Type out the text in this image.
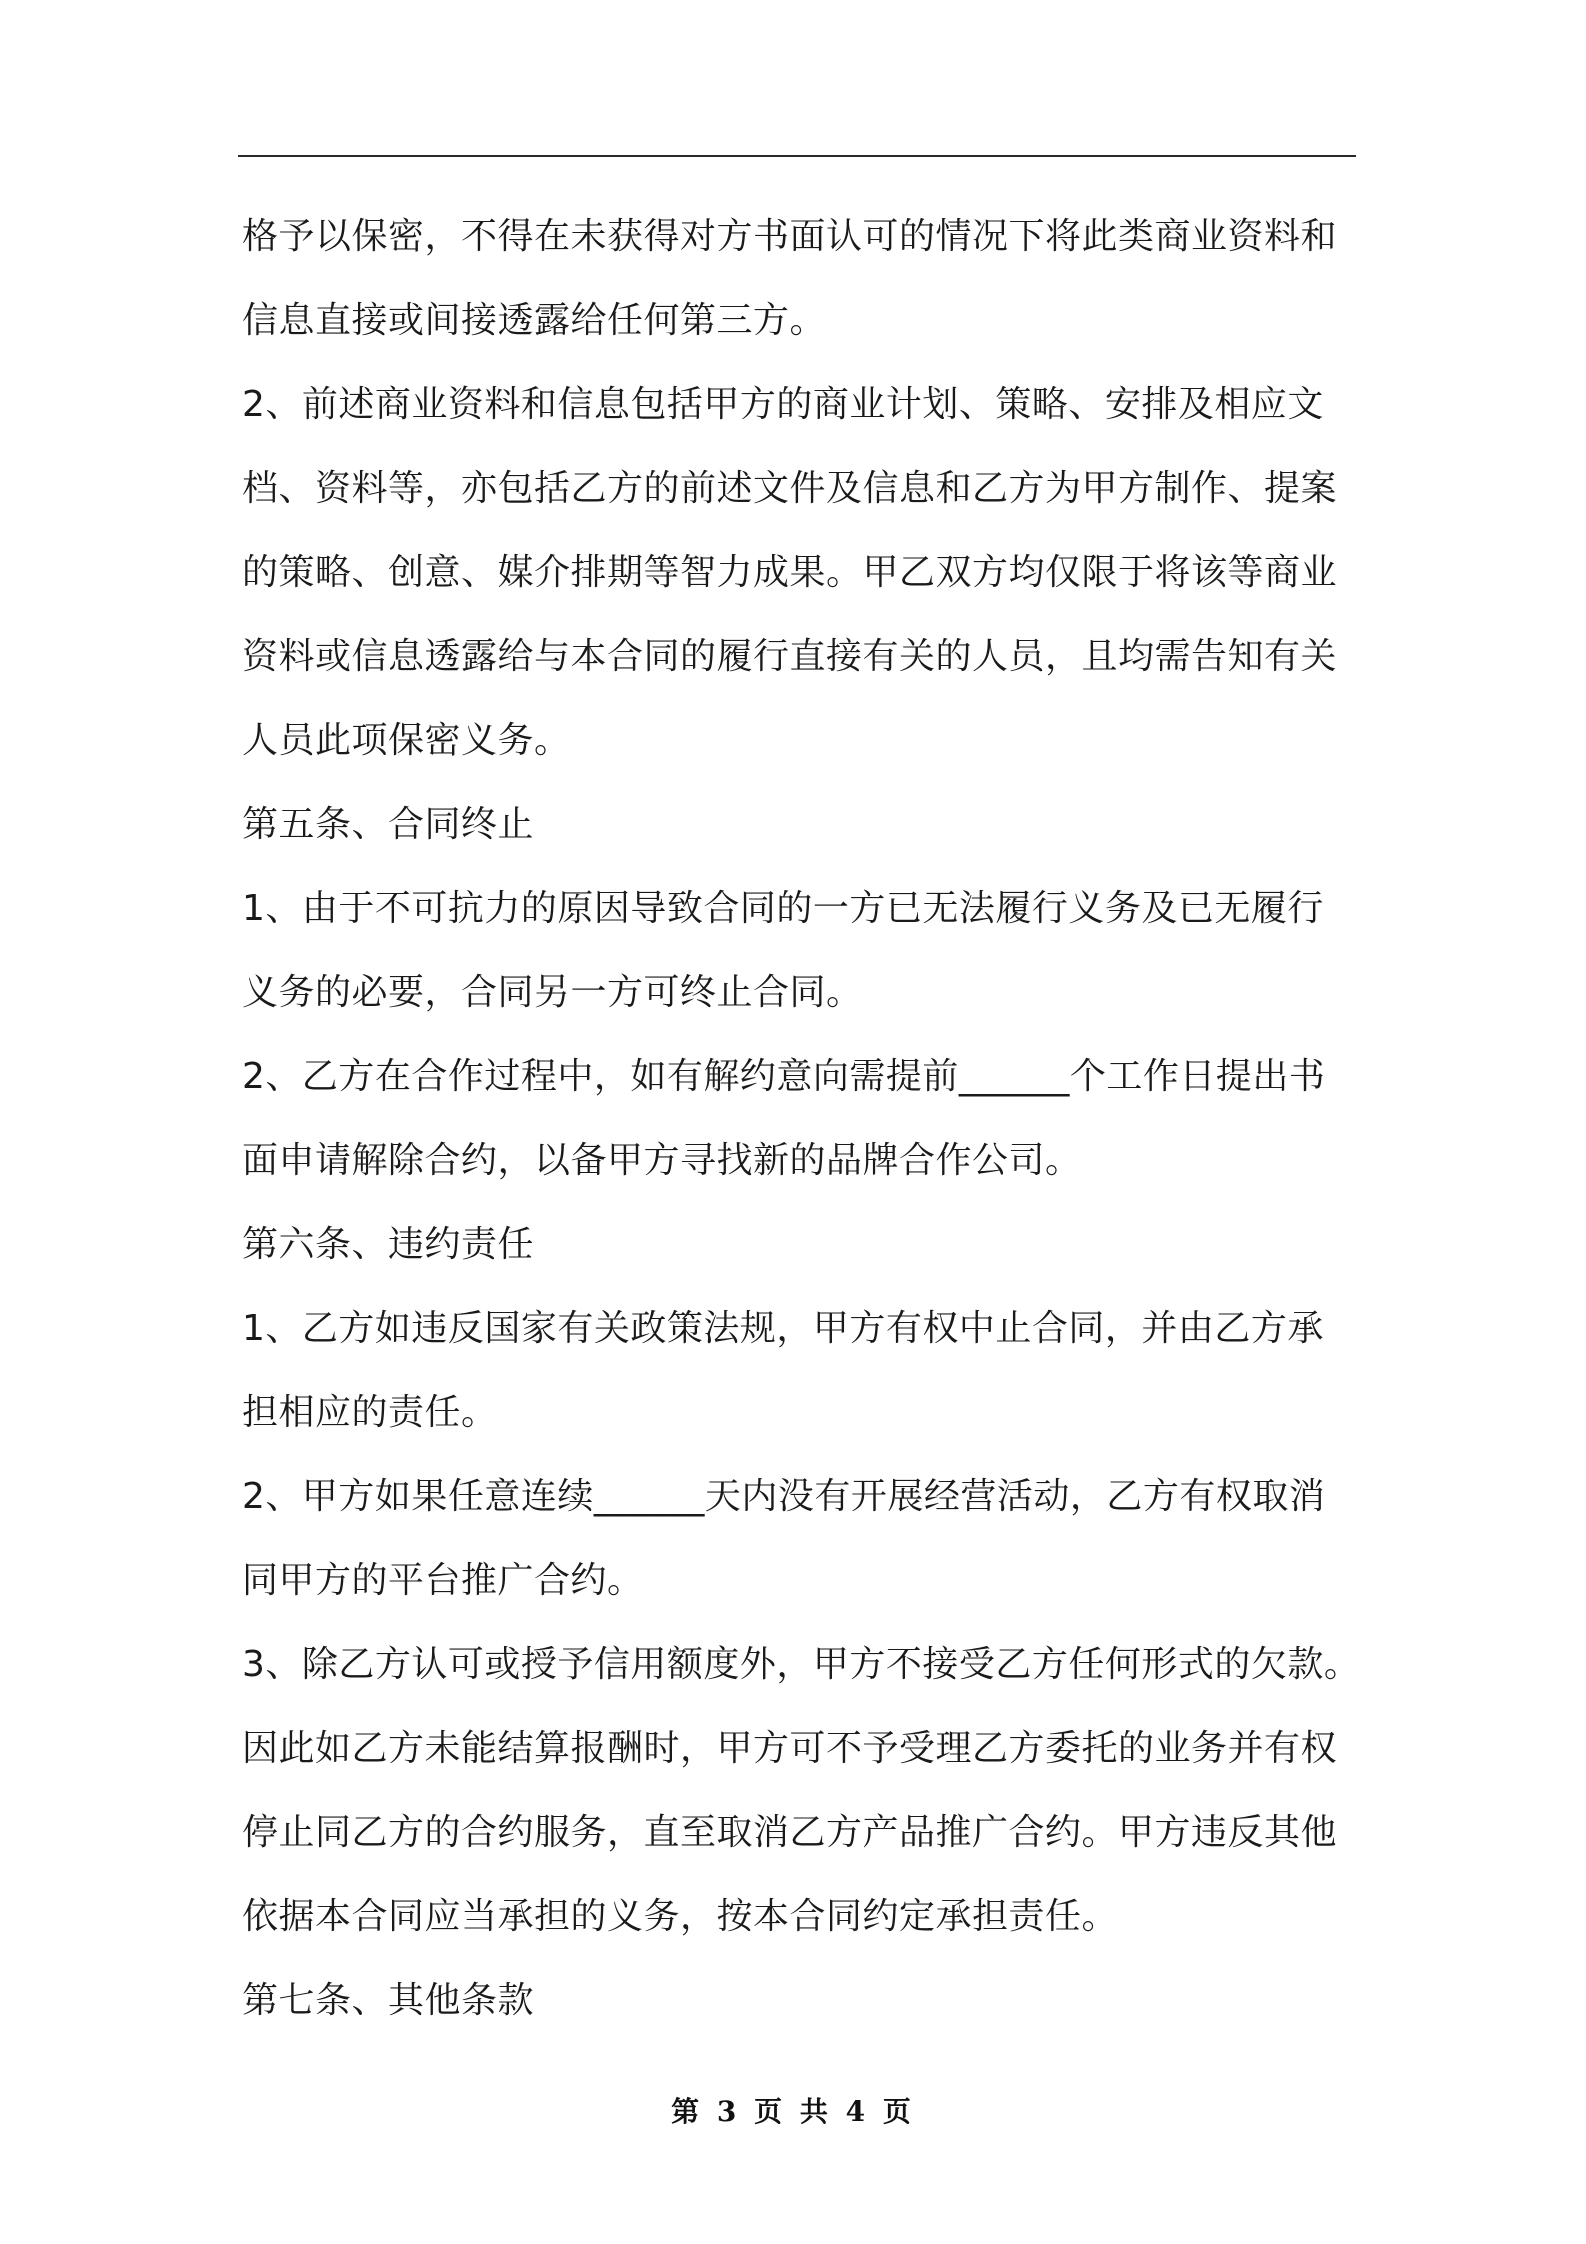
格予以保密，不得在未获得对方书面认可的情况下将此类商业资料和
信息直接或间接透露给任何第三方。
2、前述商业资料和信息包括甲方的商业计划、策略、安排及相应文
档、资料等，亦包括乙方的前述文件及信息和乙方为甲方制作、提案
的策略、创意、媒介排期等智力成果。甲乙双方均仅限于将该等商业
资料或信息透露给与本合同的履行直接有关的人员，且均需告知有关
人员此项保密义务。
第五条、合同终止
1、由于不可抗力的原因导致合同的一方已无法履行义务及已无履行
义务的必要，合同另一方可终止合同。
2、乙方在合作过程中，如有解约意向需提前______个工作日提出书
面申请解除合约，以备甲方寻找新的品牌合作公司。
第六条、违约责任
1、乙方如违反国家有关政策法规，甲方有权中止合同，并由乙方承
担相应的责任。
2、甲方如果任意连续______天内没有开展经营活动，乙方有权取消
同甲方的平台推广合约。
3、除乙方认可或授予信用额度外，甲方不接受乙方任何形式的欠款。
因此如乙方未能结算报酬时，甲方可不予受理乙方委托的业务并有权
停止同乙方的合约服务，直至取消乙方产品推广合约。甲方违反其他
依据本合同应当承担的义务，按本合同约定承担责任。
第七条、其他条款
第 3 页 共 4 页
